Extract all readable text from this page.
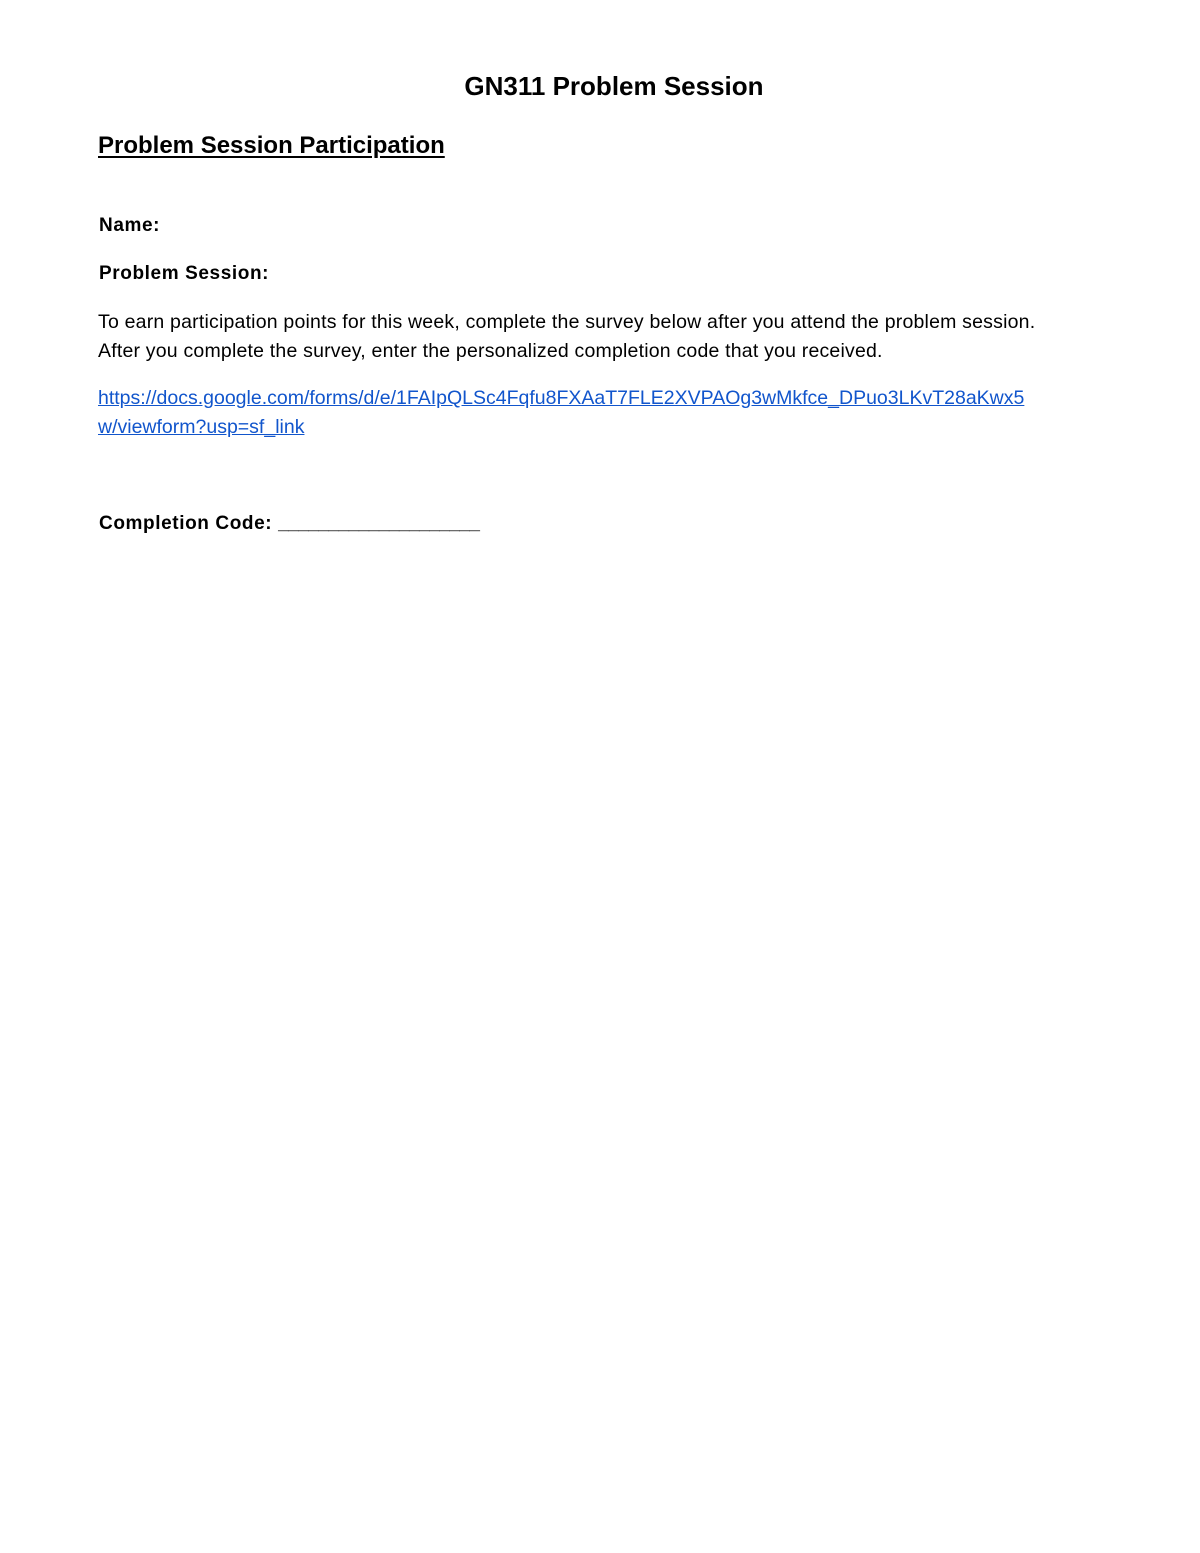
GN311 Problem Session
Problem Session Participation
Name:
Problem Session:
To earn participation points for this week, complete the survey below after you attend the problem session.
After you complete the survey, enter the personalized completion code that you received.
https://docs.google.com/forms/d/e/1FAIpQLSc4Fqfu8FXAaT7FLE2XVPAOg3wMkfce_DPuo3LKvT28aKwx5
w/viewform?usp=sf_link
Completion Code: ____________________
